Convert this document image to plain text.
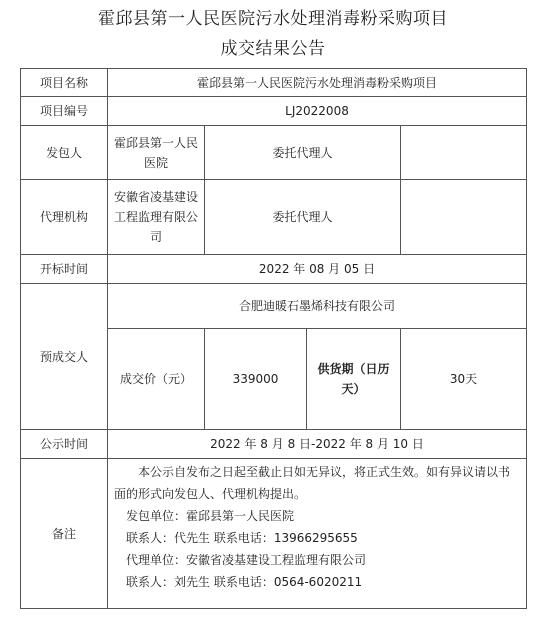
霍邱县第一人民医院污水处理消毒粉采购项目
成交结果公告
项目名称	霍邱县第一人民医院污水处理消毒粉采购项目			
项目编号	LJ2022008			
发包人	霍邱县第一人民医院	委托代理人		
代理机构	安徽省凌基建设工程监理有限公司	委托代理人		
开标时间	2022 年 08 月 05 日			
预成交人	合肥迪暖石墨烯科技有限公司			
	成交价（元）	339000	供货期（日历天）	30天
公示时间	2022 年 8 月 8 日-2022 年 8 月 10 日			
备注	本公示自发布之日起至截止日如无异议，将正式生效。如有异议请以书面的形式向发包人、代理机构提出。
发包单位：霍邱县第一人民医院
联系人：代先生 联系电话：13966295655
代理单位：安徽省凌基建设工程监理有限公司
联系人：刘先生 联系电话：0564-6020211			
